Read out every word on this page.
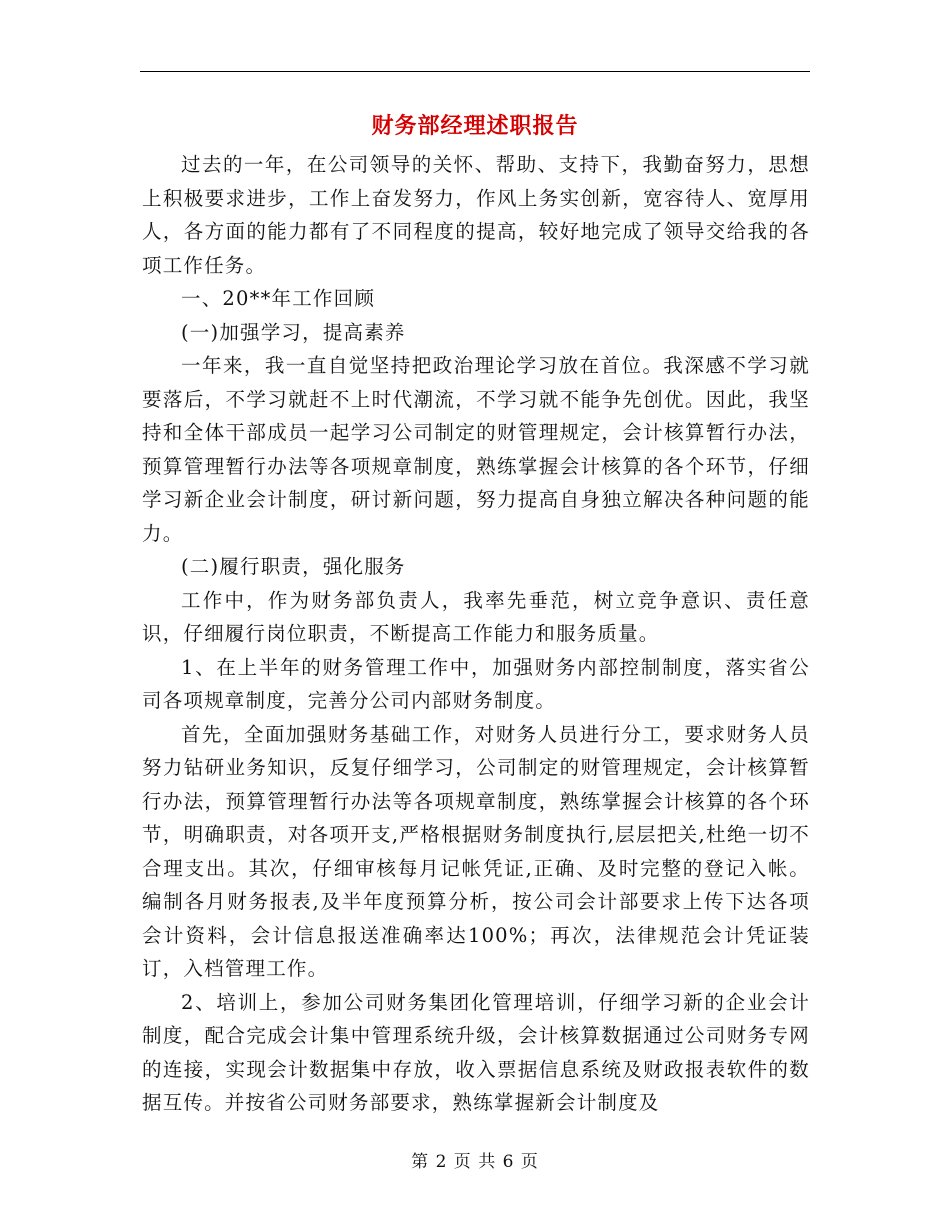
财务部经理述职报告

过去的一年，在公司领导的关怀、帮助、支持下，我勤奋努力，思想上积极要求进步，工作上奋发努力，作风上务实创新，宽容待人、宽厚用人，各方面的能力都有了不同程度的提高，较好地完成了领导交给我的各项工作任务。

一、20**年工作回顾

(一)加强学习，提高素养

一年来，我一直自觉坚持把政治理论学习放在首位。我深感不学习就要落后，不学习就赶不上时代潮流，不学习就不能争先创优。因此，我坚持和全体干部成员一起学习公司制定的财管理规定，会计核算暂行办法，预算管理暂行办法等各项规章制度，熟练掌握会计核算的各个环节，仔细学习新企业会计制度，研讨新问题，努力提高自身独立解决各种问题的能力。

(二)履行职责，强化服务

工作中，作为财务部负责人，我率先垂范，树立竞争意识、责任意识，仔细履行岗位职责，不断提高工作能力和服务质量。

1、在上半年的财务管理工作中，加强财务内部控制制度，落实省公司各项规章制度，完善分公司内部财务制度。

首先，全面加强财务基础工作，对财务人员进行分工，要求财务人员努力钻研业务知识，反复仔细学习，公司制定的财管理规定，会计核算暂行办法，预算管理暂行办法等各项规章制度，熟练掌握会计核算的各个环节，明确职责，对各项开支,严格根据财务制度执行,层层把关,杜绝一切不合理支出。其次，仔细审核每月记帐凭证,正确、及时完整的登记入帐。编制各月财务报表,及半年度预算分析，按公司会计部要求上传下达各项会计资料，会计信息报送准确率达100%；再次，法律规范会计凭证装订，入档管理工作。

2、培训上，参加公司财务集团化管理培训，仔细学习新的企业会计制度，配合完成会计集中管理系统升级，会计核算数据通过公司财务专网的连接，实现会计数据集中存放，收入票据信息系统及财政报表软件的数据互传。并按省公司财务部要求，熟练掌握新会计制度及

第 2 页 共 6 页
